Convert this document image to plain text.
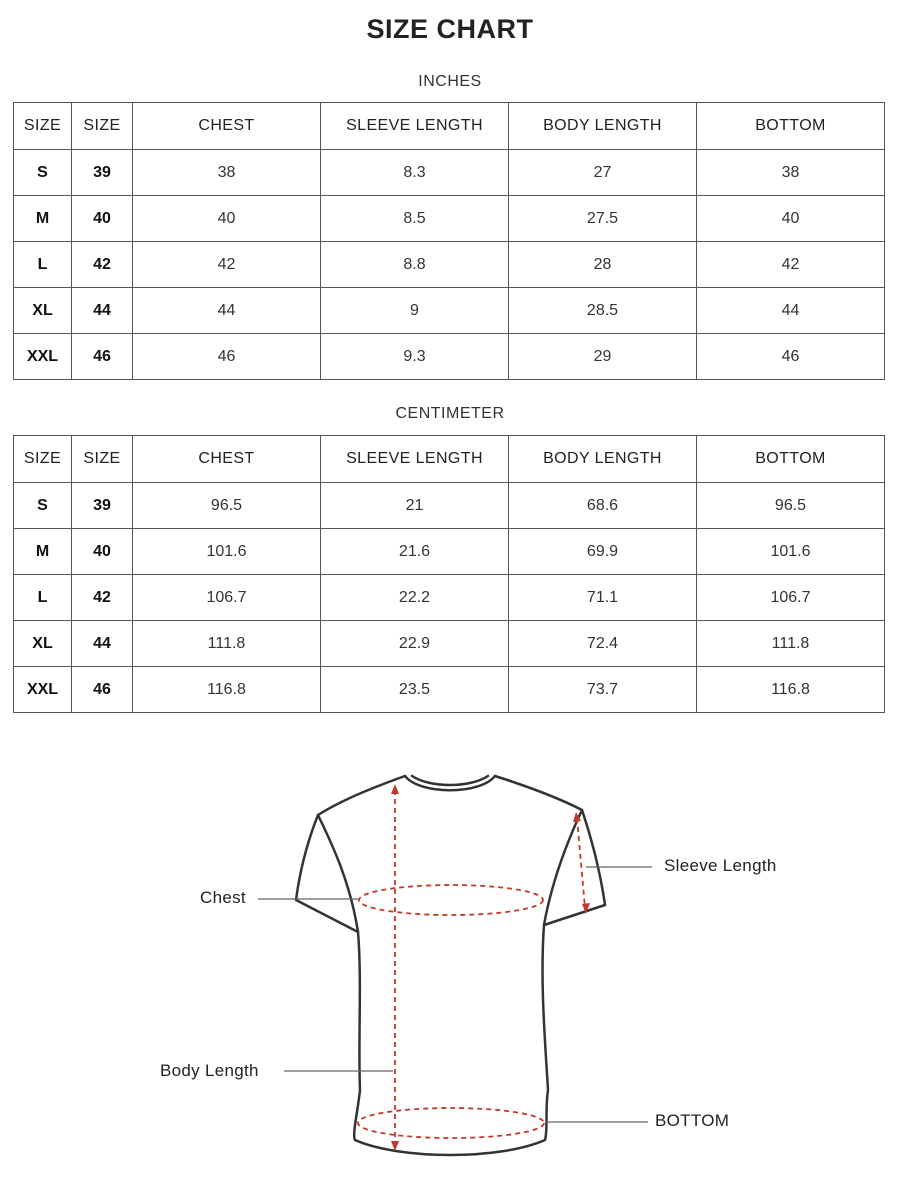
SIZE CHART
INCHES
SIZE	SIZE	CHEST	SLEEVE LENGTH	BODY LENGTH	BOTTOM
S	39	38	8.3	27	38
M	40	40	8.5	27.5	40
L	42	42	8.8	28	42
XL	44	44	9	28.5	44
XXL	46	46	9.3	29	46
CENTIMETER
SIZE	SIZE	CHEST	SLEEVE LENGTH	BODY LENGTH	BOTTOM
S	39	96.5	21	68.6	96.5
M	40	101.6	21.6	69.9	101.6
L	42	106.7	22.2	71.1	106.7
XL	44	111.8	22.9	72.4	111.8
XXL	46	116.8	23.5	73.7	116.8
Chest
Sleeve Length
Body Length
BOTTOM
